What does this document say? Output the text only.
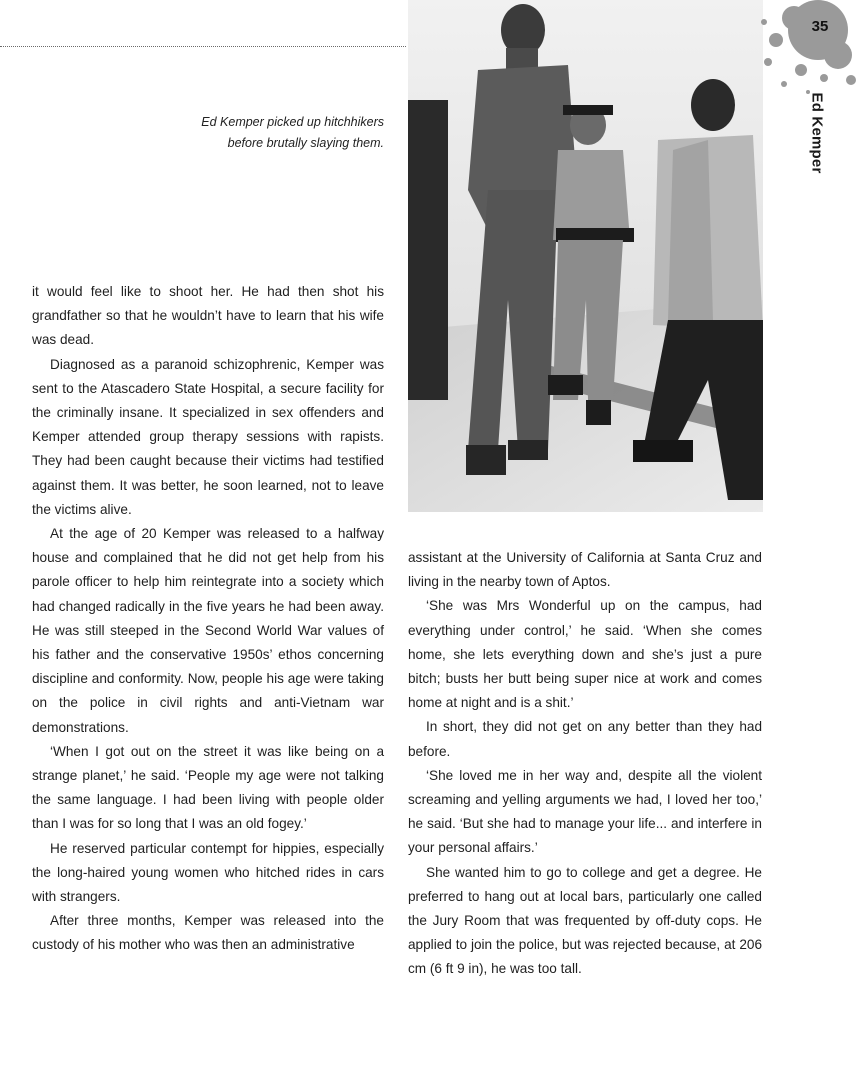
Ed Kemper picked up hitchhikers
before brutally slaying them.
35
Ed Kemper

it would feel like to shoot her. He had then shot his grandfather so that he wouldn’t have to learn that his wife was dead.

Diagnosed as a paranoid schizophrenic, Kemper was sent to the Atascadero State Hospital, a secure facility for the criminally insane. It specialized in sex offenders and Kemper attended group therapy sessions with rapists. They had been caught because their victims had testified against them. It was better, he soon learned, not to leave the victims alive.

At the age of 20 Kemper was released to a halfway house and complained that he did not get help from his parole officer to help him reintegrate into a society which had changed radically in the five years he had been away. He was still steeped in the Second World War values of his father and the conservative 1950s’ ethos concerning discipline and conformity. Now, people his age were taking on the police in civil rights and anti-Vietnam war demonstrations.

‘When I got out on the street it was like being on a strange planet,’ he said. ‘People my age were not talking the same language. I had been living with people older than I was for so long that I was an old fogey.’

He reserved particular contempt for hippies, especially the long-haired young women who hitched rides in cars with strangers.

After three months, Kemper was released into the custody of his mother who was then an administrative

assistant at the University of California at Santa Cruz and living in the nearby town of Aptos.

‘She was Mrs Wonderful up on the campus, had everything under control,’ he said. ‘When she comes home, she lets everything down and she’s just a pure bitch; busts her butt being super nice at work and comes home at night and is a shit.’

In short, they did not get on any better than they had before.

‘She loved me in her way and, despite all the violent screaming and yelling arguments we had, I loved her too,’ he said. ‘But she had to manage your life... and interfere in your personal affairs.’

She wanted him to go to college and get a degree. He preferred to hang out at local bars, particularly one called the Jury Room that was frequented by off-duty cops. He applied to join the police, but was rejected because, at 206 cm (6 ft 9 in), he was too tall.
